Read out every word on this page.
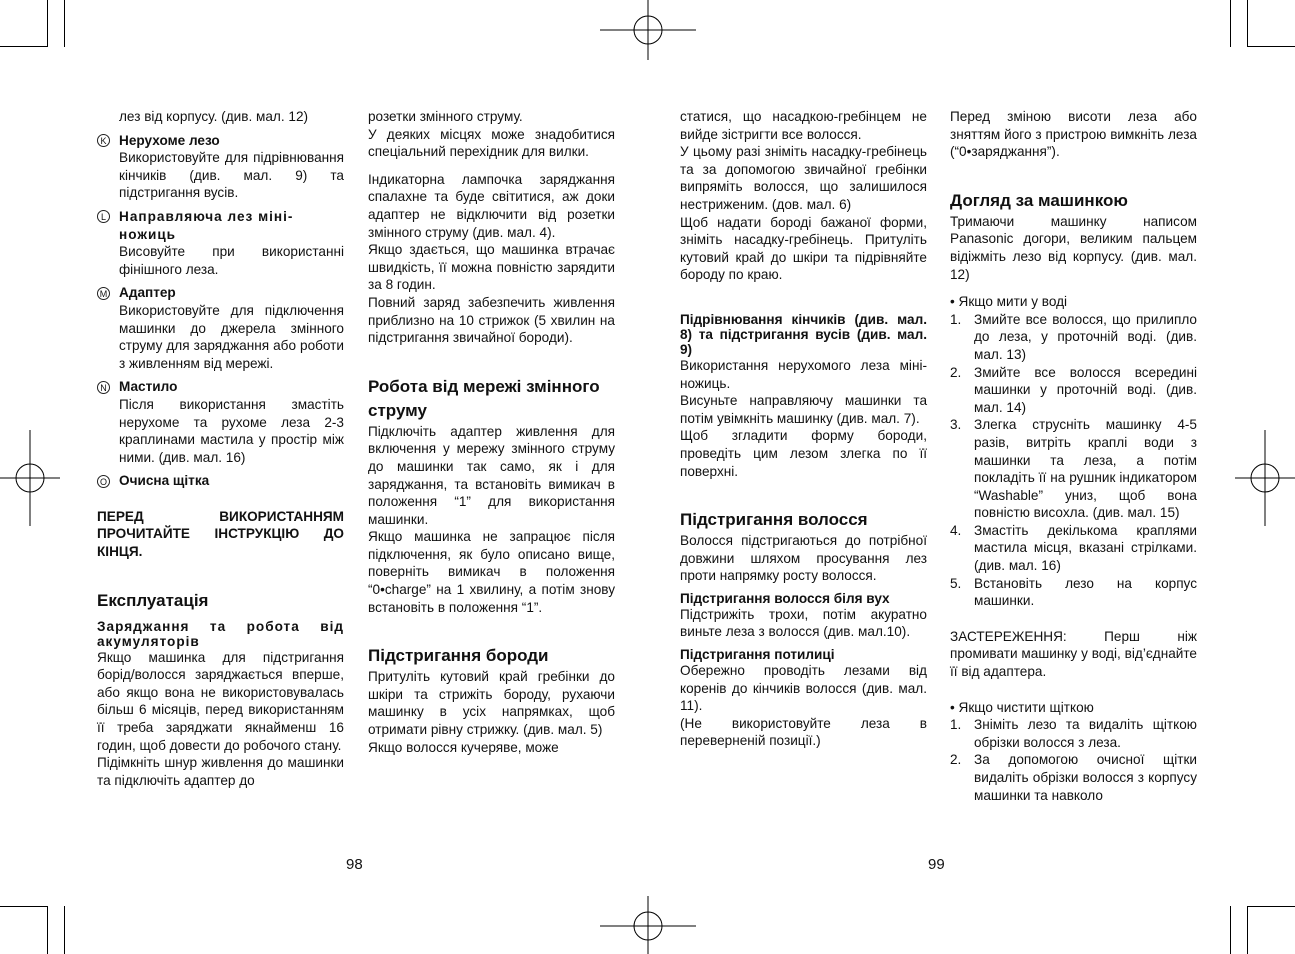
лез від корпусу. (див. мал. 12)

K Нерухоме лезо

Використовуйте для підрівнювання кінчиків (див. мал. 9) та підстригання вусів.

L Направляюча лез міні-ножиць

Висовуйте при використанні фінішного леза.

M Адаптер

Використовуйте для підключення машинки до джерела змінного струму для заряджання або роботи з живленням від мережі.

N Мастило

Після використання змастіть нерухоме та рухоме леза 2-3 краплинами мастила у простір між ними. (див. мал. 16)

O Очисна щітка

ПЕРЕД ВИКОРИСТАННЯМ ПРОЧИТАЙТЕ ІНСТРУКЦІЮ ДО КІНЦЯ.

Експлуатація

Заряджання та робота від акумуляторів

Якщо машинка для підстригання борід/волосся заряджається вперше, або якщо вона не використовувалась більш 6 місяців, перед використанням її треба заряджати якнайменш 16 годин, щоб довести до робочого стану.

Підімкніть шнур живлення до машинки та підключіть адаптер до

розетки змінного струму.

У деяких місцях може знадобитися спеціальний перехідник для вилки.

Індикаторна лампочка заряджання спалахне та буде світитися, аж доки адаптер не відключити від розетки змінного струму (див. мал. 4).

Якщо здається, що машинка втрачає швидкість, її можна повністю зарядити за 8 годин.

Повний заряд забезпечить живлення приблизно на 10 стрижок (5 хвилин на підстригання звичайної бороди).

Робота від мережі змінного струму

Підключіть адаптер живлення для включення у мережу змінного струму до машинки так само, як і для заряджання, та встановіть вимикач в положення “1” для використання машинки.

Якщо машинка не запрацює після підключення, як було описано вище, поверніть вимикач в положення “0•charge” на 1 хвилину, а потім знову встановіть в положення “1”.

Підстригання бороди

Притуліть кутовий край гребінки до шкіри та стрижіть бороду, рухаючи машинку в усіх напрямках, щоб отримати рівну стрижку. (див. мал. 5)

Якщо волосся кучеряве, може

98

статися, що насадкою-гребінцем не вийде зістригти все волосся.

У цьому разі зніміть насадку-гребінець та за допомогою звичайної гребінки випряміть волосся, що залишилося нестриженим. (дов. мал. 6)

Щоб надати бороді бажаної форми, зніміть насадку-гребінець. Притуліть кутовий край до шкіри та підрівняйте бороду по краю.

Підрівнювання кінчиків (див. мал. 8) та підстригання вусів (див. мал. 9)

Використання нерухомого леза міні-ножиць.

Висуньте направляючу машинки та потім увімкніть машинку (див. мал. 7).

Щоб згладити форму бороди, проведіть цим лезом злегка по її поверхні.

Підстригання волосся

Волосся підстригаються до потрібної довжини шляхом просування лез проти напрямку росту волосся.

Підстригання волосся біля вух

Підстрижіть трохи, потім акуратно виньте леза з волосся (див. мал.10).

Підстригання потилиці

Обережно проводіть лезами від коренів до кінчиків волосся (див. мал. 11).

(Не використовуйте леза в переверненій позиції.)

99

Перед зміною висоти леза або зняттям його з пристрою вимкніть леза (“0•заряджання”).

Догляд за машинкою

Тримаючи машинку написом Panasonic догори, великим пальцем відіжміть лезо від корпусу. (див. мал. 12)

• Якщо мити у воді

1. Змийте все волосся, що прилипло до леза, у проточній воді. (див. мал. 13)
2. Змийте все волосся всередині машинки у проточній воді. (див. мал. 14)
3. Злегка струсніть машинку 4-5 разів, витріть краплі води з машинки та леза, а потім покладіть її на рушник індикатором “Washable” униз, щоб вона повністю висохла. (див. мал. 15)
4. Змастіть декількома краплями мастила місця, вказані стрілками. (див. мал. 16)
5. Встановіть лезо на корпус машинки.

ЗАСТЕРЕЖЕННЯ: Перш ніж промивати машинку у воді, від’єднайте її від адаптера.

• Якщо чистити щіткою

1. Зніміть лезо та видаліть щіткою обрізки волосся з леза.
2. За допомогою очисної щітки видаліть обрізки волосся з корпусу машинки та навколо
